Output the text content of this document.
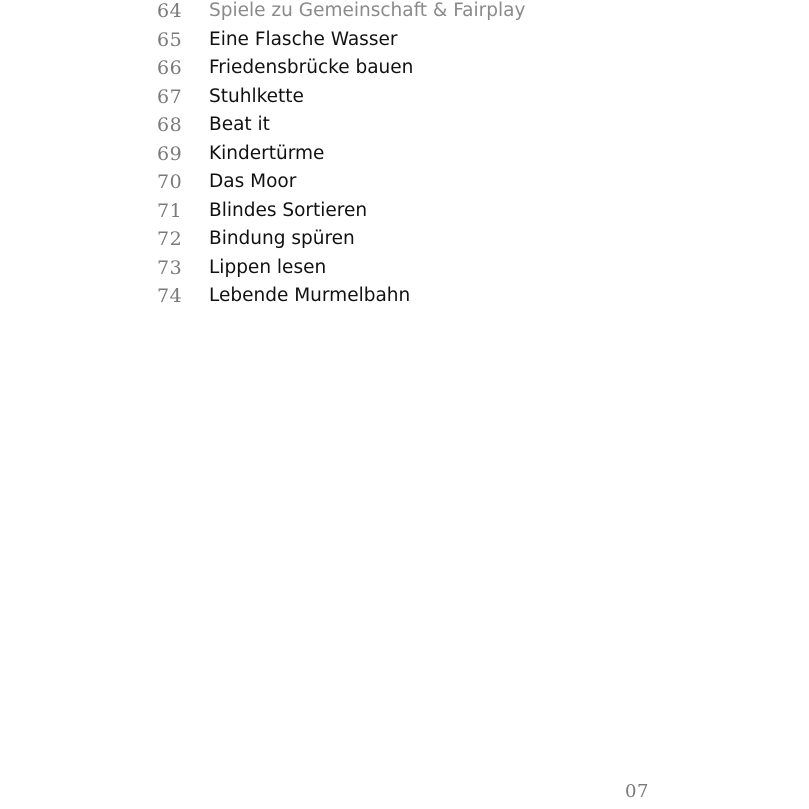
64 Spiele zu Gemeinschaft & Fairplay
65 Eine Flasche Wasser
66 Friedensbrücke bauen
67 Stuhlkette
68 Beat it
69 Kindertürme
70 Das Moor
71 Blindes Sortieren
72 Bindung spüren
73 Lippen lesen
74 Lebende Murmelbahn
07
